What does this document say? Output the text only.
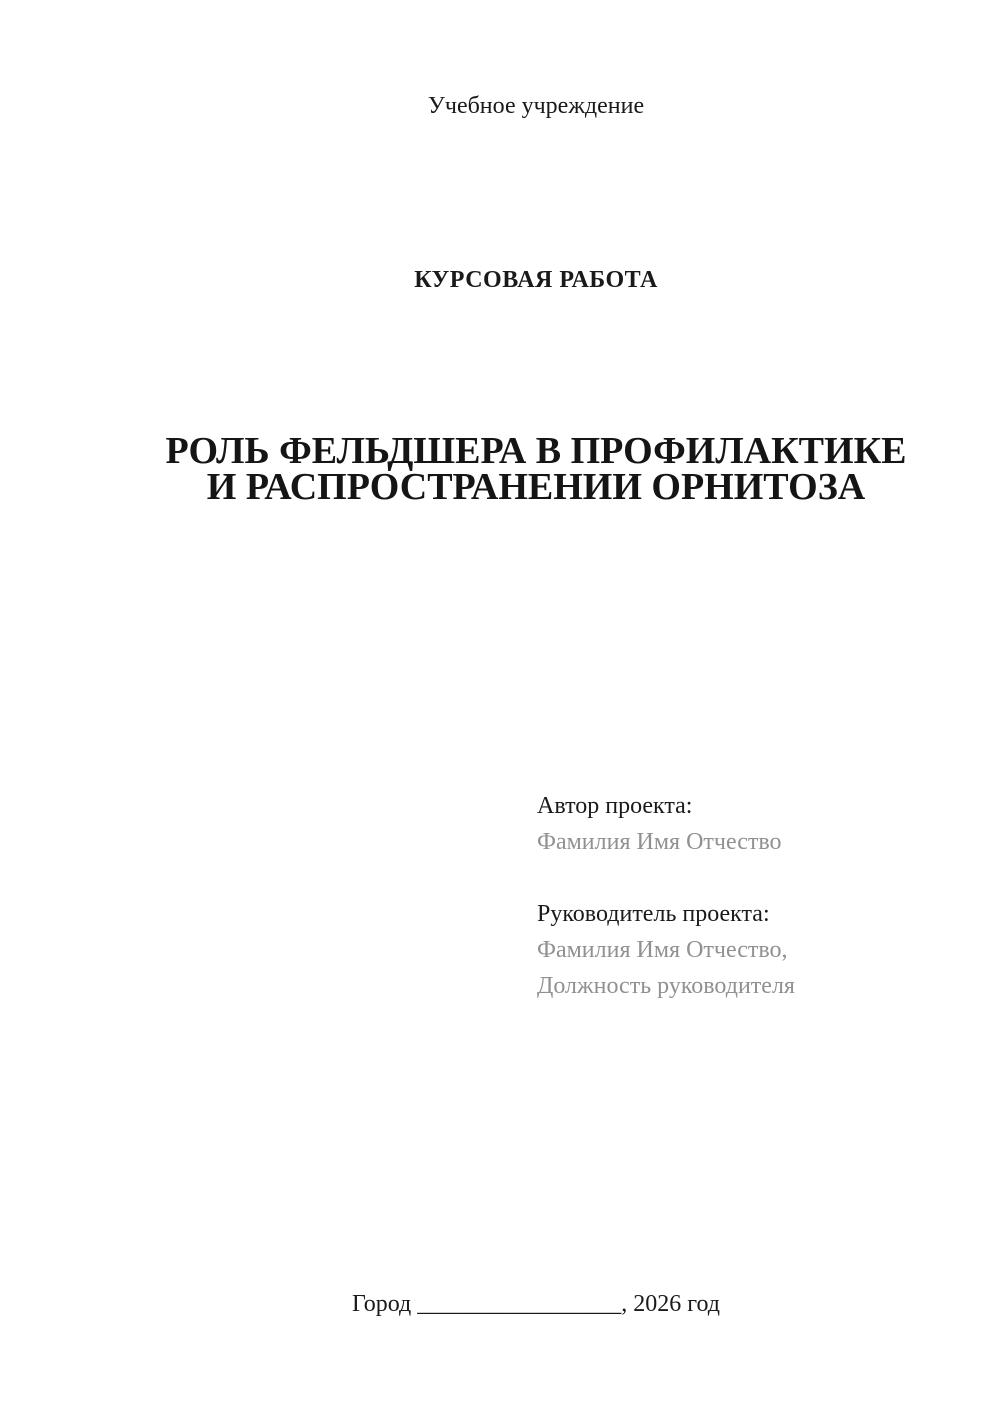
Учебное учреждение
КУРСОВАЯ РАБОТА
РОЛЬ ФЕЛЬДШЕРА В ПРОФИЛАКТИКЕ
И РАСПРОСТРАНЕНИИ ОРНИТОЗА
Автор проекта:
Фамилия Имя Отчество
Руководитель проекта:
Фамилия Имя Отчество,
Должность руководителя
Город _________________, 2026 год
